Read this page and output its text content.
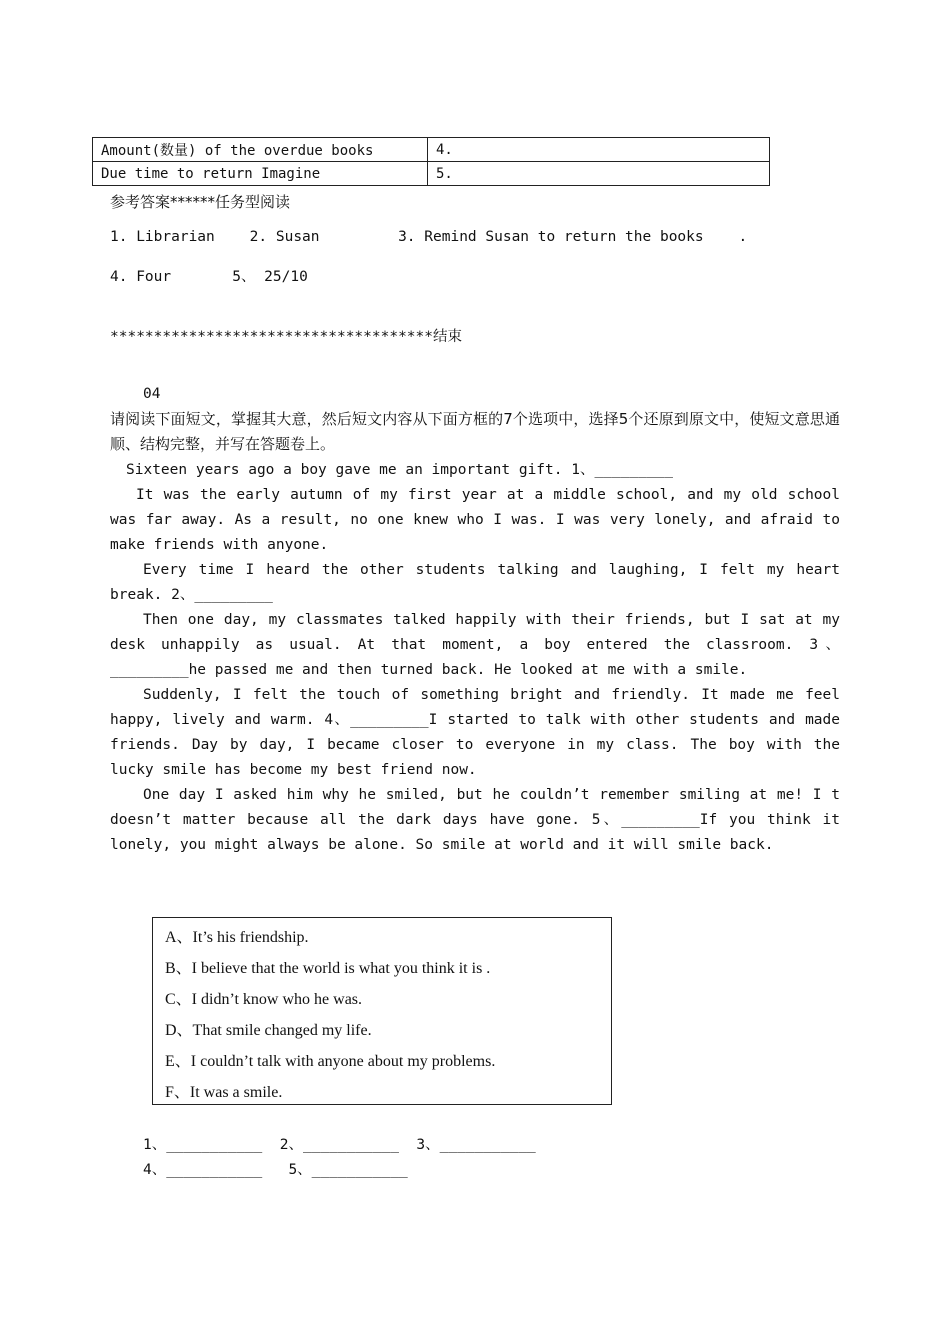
Amount(数量) of the overdue books	4.
Due time to return Imagine	5.
参考答案******任务型阅读
1. Librarian    2. Susan         3. Remind Susan to return the books    .
4. Four       5、 25/10
*************************************结束
04

请阅读下面短文，掌握其大意，然后短文内容从下面方框的7个选项中，选择5个还原到原文中，使短文意思通顺、结构完整，并写在答题卷上。

Sixteen years ago a boy gave me an important gift. 1、_________

It was the early autumn of my first year at a middle school, and my old school was far away. As a result, no one knew who I was. I was very lonely, and afraid to make friends with anyone.

Every time I heard the other students talking and laughing, I felt my heart break. 2、_________

Then one day, my classmates talked happily with their friends, but I sat at my desk unhappily as usual. At that moment, a boy entered the classroom. 3、_________he passed me and then turned back. He looked at me with a smile.

Suddenly, I felt the touch of something bright and friendly. It made me feel happy, lively and warm. 4、_________I started to talk with other students and made friends. Day by day, I became closer to everyone in my class. The boy with the lucky smile has become my best friend now.

One day I asked him why he smiled, but he couldn’t remember smiling at me! I t doesn’t matter because all the dark days have gone. 5、_________If you think it lonely, you might always be alone. So smile at world and it will smile back.

A、It’s his friendship.
B、I believe that the world is what you think it is .
C、I didn’t know who he was.
D、That smile changed my life.
E、I couldn’t talk with anyone about my problems.
F、It was a smile.
1、___________  2、___________  3、___________
4、___________   5、___________
